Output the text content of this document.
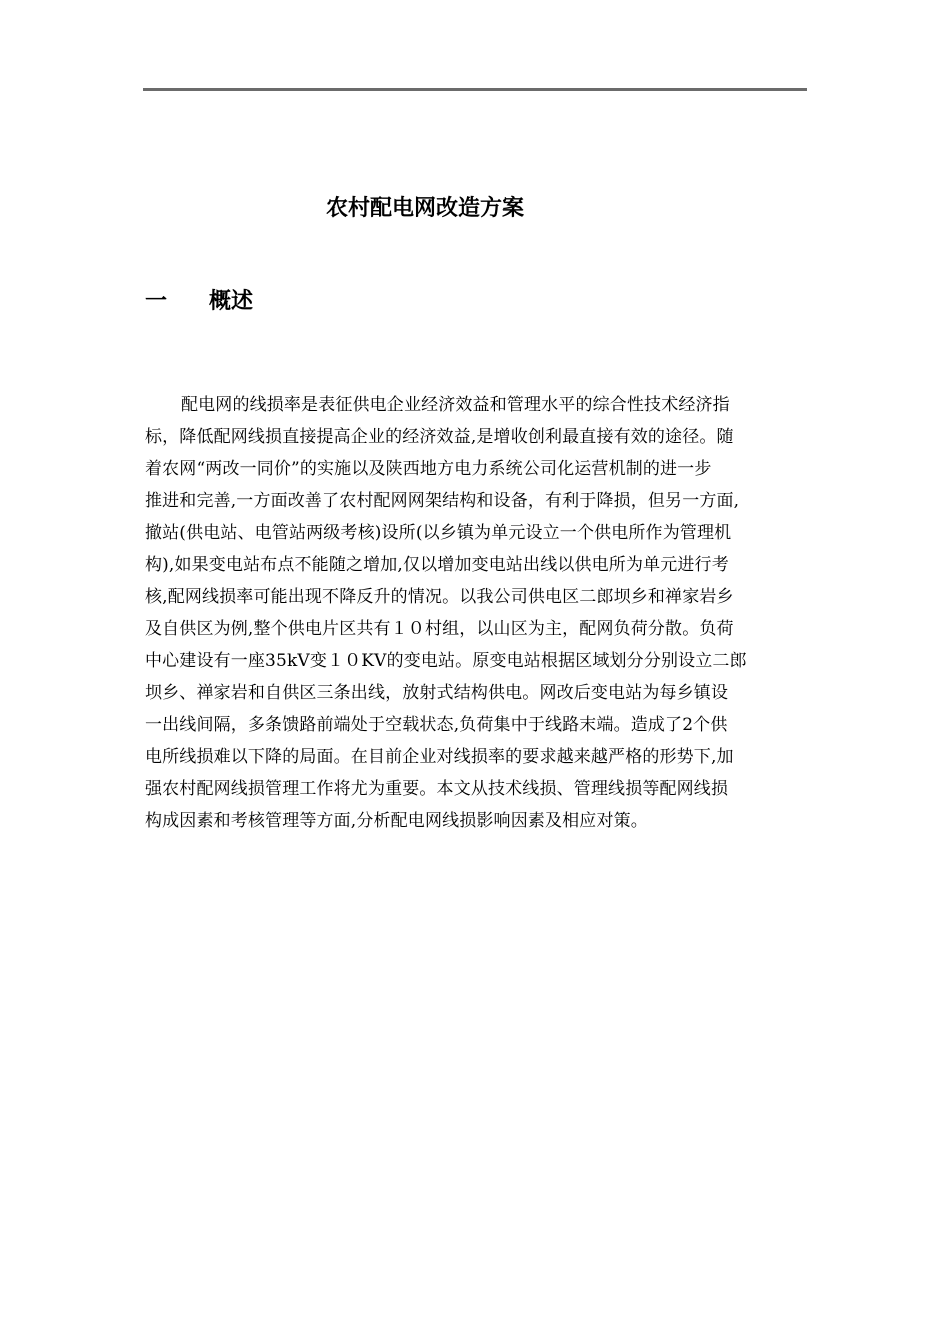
农村配电网改造方案
一 概述
配电网的线损率是表征供电企业经济效益和管理水平的综合性技术经济指
标，降低配网线损直接提高企业的经济效益,是增收创利最直接有效的途径。随
着农网“两改一同价”的实施以及陕西地方电力系统公司化运营机制的进一步
推进和完善,一方面改善了农村配网网架结构和设备，有利于降损，但另一方面,
撤站(供电站、电管站两级考核)设所(以乡镇为单元设立一个供电所作为管理机
构),如果变电站布点不能随之增加,仅以增加变电站出线以供电所为单元进行考
核,配网线损率可能出现不降反升的情况。以我公司供电区二郎坝乡和禅家岩乡
及自供区为例,整个供电片区共有１０村组，以山区为主，配网负荷分散。负荷
中心建设有一座35kV变１０KV的变电站。原变电站根据区域划分分别设立二郎
坝乡、禅家岩和自供区三条出线，放射式结构供电。网改后变电站为每乡镇设
一出线间隔，多条馈路前端处于空载状态,负荷集中于线路末端。造成了2个供
电所线损难以下降的局面。在目前企业对线损率的要求越来越严格的形势下,加
强农村配网线损管理工作将尤为重要。本文从技术线损、管理线损等配网线损
构成因素和考核管理等方面,分析配电网线损影响因素及相应对策。
